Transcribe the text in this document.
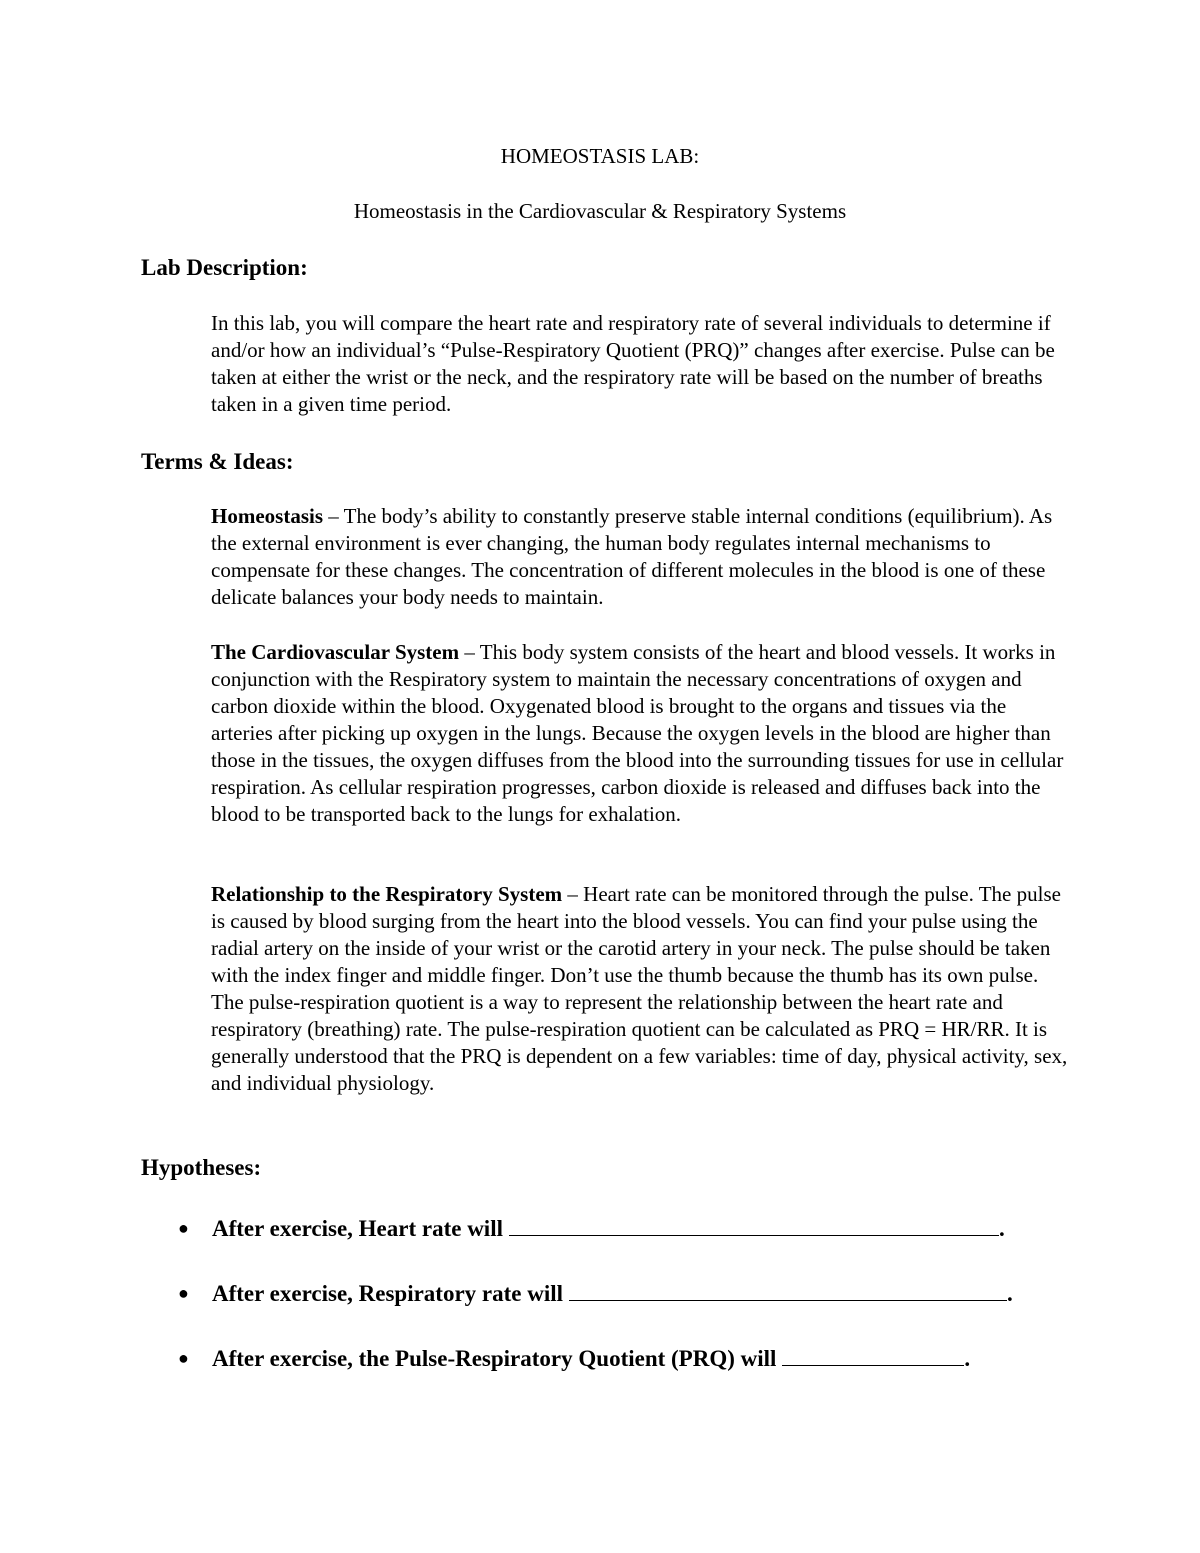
HOMEOSTASIS LAB:
Homeostasis in the Cardiovascular & Respiratory Systems
Lab Description:
In this lab, you will compare the heart rate and respiratory rate of several individuals to determine if and/or how an individual’s “Pulse-Respiratory Quotient (PRQ)” changes after exercise. Pulse can be taken at either the wrist or the neck, and the respiratory rate will be based on the number of breaths taken in a given time period.
Terms & Ideas:
Homeostasis – The body’s ability to constantly preserve stable internal conditions (equilibrium). As the external environment is ever changing, the human body regulates internal mechanisms to compensate for these changes. The concentration of different molecules in the blood is one of these delicate balances your body needs to maintain.
The Cardiovascular System – This body system consists of the heart and blood vessels. It works in conjunction with the Respiratory system to maintain the necessary concentrations of oxygen and carbon dioxide within the blood. Oxygenated blood is brought to the organs and tissues via the arteries after picking up oxygen in the lungs. Because the oxygen levels in the blood are higher than those in the tissues, the oxygen diffuses from the blood into the surrounding tissues for use in cellular respiration. As cellular respiration progresses, carbon dioxide is released and diffuses back into the blood to be transported back to the lungs for exhalation.
Relationship to the Respiratory System – Heart rate can be monitored through the pulse. The pulse is caused by blood surging from the heart into the blood vessels. You can find your pulse using the radial artery on the inside of your wrist or the carotid artery in your neck. The pulse should be taken with the index finger and middle finger. Don’t use the thumb because the thumb has its own pulse. The pulse-respiration quotient is a way to represent the relationship between the heart rate and respiratory (breathing) rate. The pulse-respiration quotient can be calculated as PRQ = HR/RR. It is generally understood that the PRQ is dependent on a few variables: time of day, physical activity, sex, and individual physiology.
Hypotheses:
● After exercise, Heart rate will	.
● After exercise, Respiratory rate will	.
● After exercise, the Pulse-Respiratory Quotient (PRQ) will	.
